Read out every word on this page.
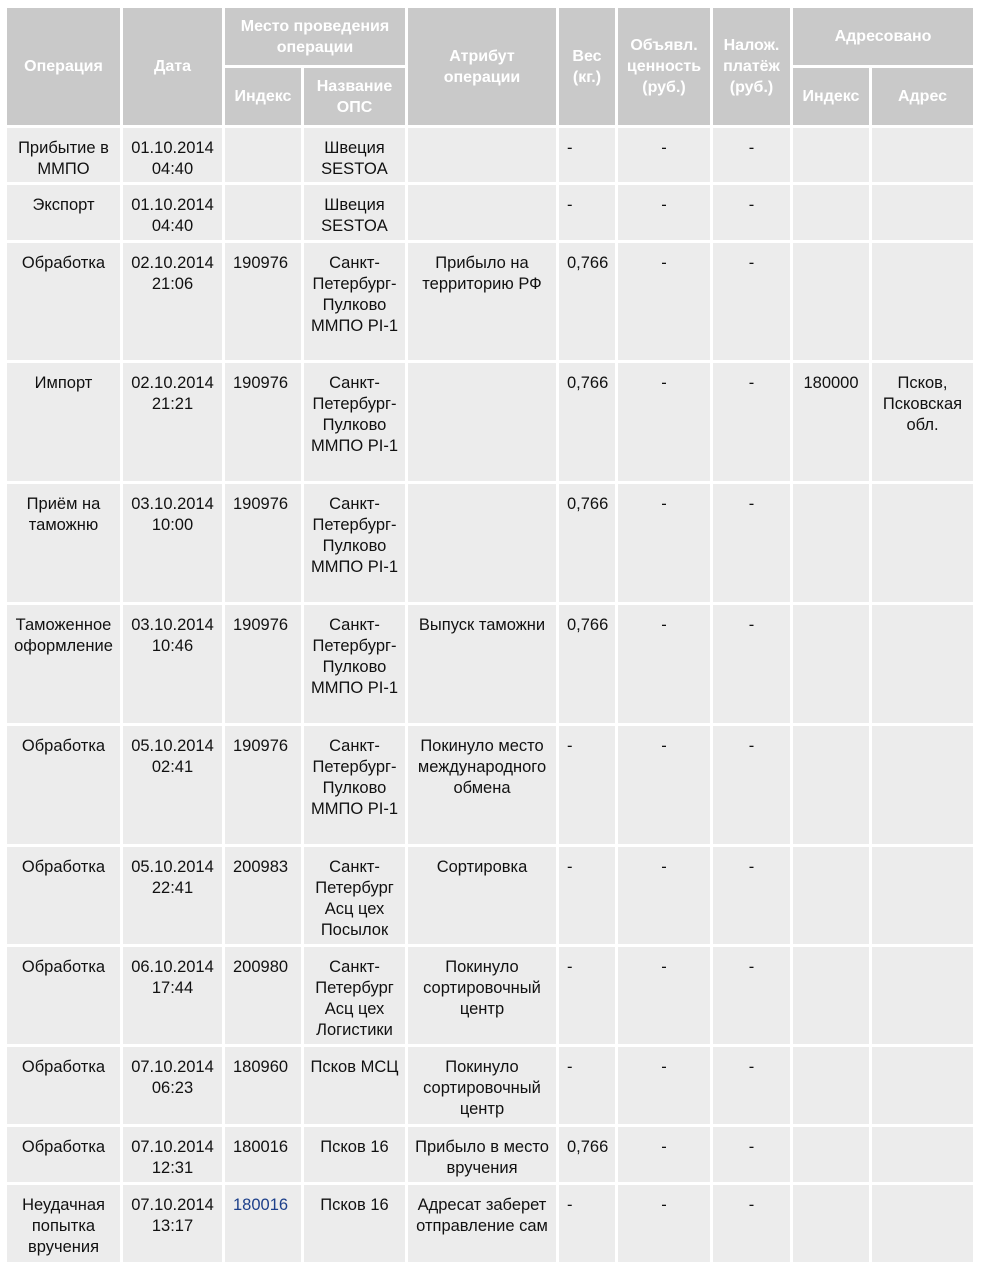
Операция	Дата	Место проведения операции		Атрибут операции	Вес (кг.)	Объявл. ценность (руб.)	Налож. платёж (руб.)	Адресовано	
		Индекс	Название ОПС					Индекс	Адрес
Прибытие в ММПО	01.10.2014 04:40		Швеция SESTOA		-	-	-		
Экспорт	01.10.2014 04:40		Швеция SESTOA		-	-	-		
Обработка	02.10.2014 21:06	190976	Санкт-Петербург-Пулково ММПО PI-1	Прибыло на территорию РФ	0,766	-	-		
Импорт	02.10.2014 21:21	190976	Санкт-Петербург-Пулково ММПО PI-1		0,766	-	-	180000	Псков, Псковская обл.
Приём на таможню	03.10.2014 10:00	190976	Санкт-Петербург-Пулково ММПО PI-1		0,766	-	-		
Таможенное оформление	03.10.2014 10:46	190976	Санкт-Петербург-Пулково ММПО PI-1	Выпуск таможни	0,766	-	-		
Обработка	05.10.2014 02:41	190976	Санкт-Петербург-Пулково ММПО PI-1	Покинуло место международного обмена	-	-	-		
Обработка	05.10.2014 22:41	200983	Санкт-Петербург Асц цех Посылок	Сортировка	-	-	-		
Обработка	06.10.2014 17:44	200980	Санкт-Петербург Асц цех Логистики	Покинуло сортировочный центр	-	-	-		
Обработка	07.10.2014 06:23	180960	Псков МСЦ	Покинуло сортировочный центр	-	-	-		
Обработка	07.10.2014 12:31	180016	Псков 16	Прибыло в место вручения	0,766	-	-		
Неудачная попытка вручения	07.10.2014 13:17	180016	Псков 16	Адресат заберет отправление сам	-	-	-		
